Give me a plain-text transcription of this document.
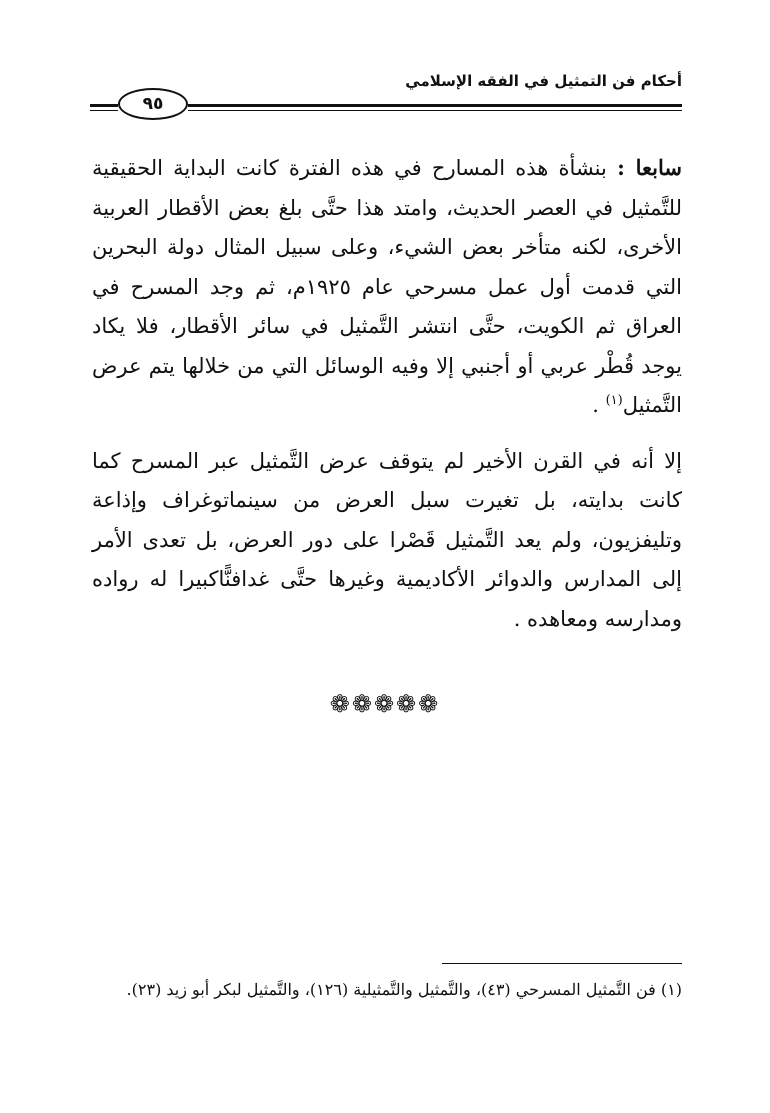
أحكام فن التمثيل في الفقه الإسلامي
٩٥

سابعا : بنشأة هذه المسارح في هذه الفترة كانت البداية الحقيقية للتَّمثيل في العصر الحديث، وامتد هذا حتَّى بلغ بعض الأقطار العربية الأخرى، لكنه متأخر بعض الشيء، وعلى سبيل المثال دولة البحرين التي قدمت أول عمل مسرحي عام ١٩٢٥م، ثم وجد المسرح في العراق ثم الكويت، حتَّى انتشر التَّمثيل في سائر الأقطار، فلا يكاد يوجد قُطْر عربي أو أجنبي إلا وفيه الوسائل التي من خلالها يتم عرض التَّمثيل$^{(١)}$ .

إلا أنه في القرن الأخير لم يتوقف عرض التَّمثيل عبر المسرح كما كانت بدايته، بل تغيرت سبل العرض من سينماتوغراف وإذاعة وتليفزيون، ولم يعد التَّمثيل قَصْرا على دور العرض، بل تعدى الأمر إلى المدارس والدوائر الأكاديمية وغيرها حتَّى غدافنًّاكبيرا له رواده ومدارسه ومعاهده .

❁❁❁❁❁
(١) فن التَّمثيل المسرحي (٤٣)، والتَّمثيل والتَّمثيلية (١٢٦)، والتَّمثيل لبكر أبو زيد (٢٣).
